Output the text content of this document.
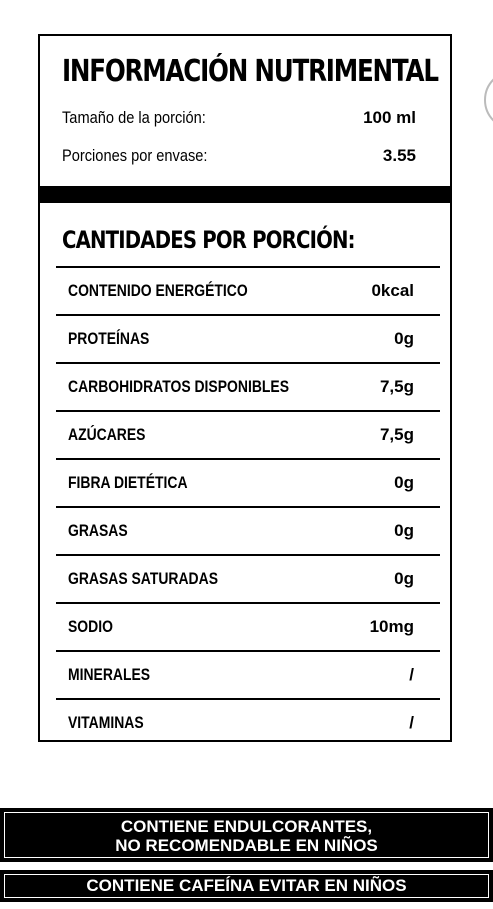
INFORMACIÓN NUTRIMENTAL
Tamaño de la porción:	100 ml
Porciones por envase:	3.55
CANTIDADES POR PORCIÓN:
CONTENIDO ENERGÉTICO	0kcal
PROTEÍNAS	0g
CARBOHIDRATOS DISPONIBLES	7,5g
AZÚCARES	7,5g
FIBRA DIETÉTICA	0g
GRASAS	0g
GRASAS SATURADAS	0g
SODIO	10mg
MINERALES	/
VITAMINAS	/
CONTIENE ENDULCORANTES,
NO RECOMENDABLE EN NIÑOS
CONTIENE CAFEÍNA EVITAR EN NIÑOS
